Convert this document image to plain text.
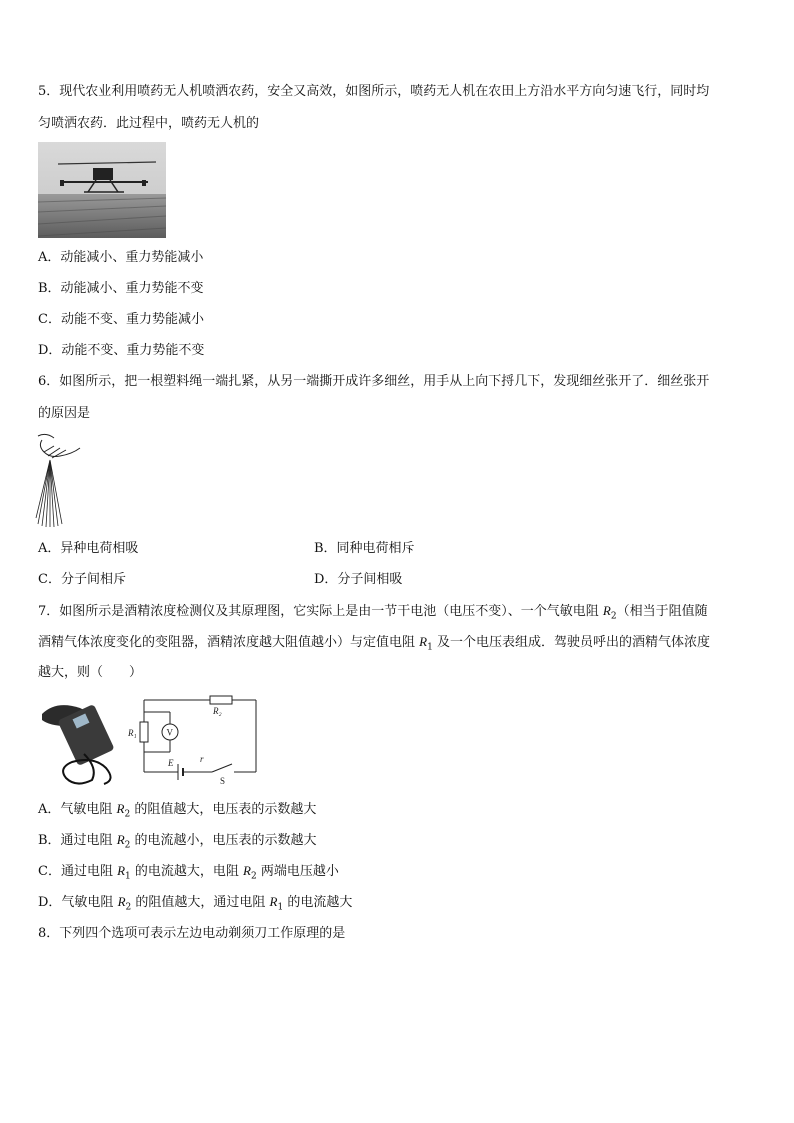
5．现代农业利用喷药无人机喷洒农药，安全又高效，如图所示，喷药无人机在农田上方沿水平方向匀速飞行，同时均
匀喷洒农药．此过程中，喷药无人机的
A．动能减小、重力势能减小
B．动能减小、重力势能不变
C．动能不变、重力势能减小
D．动能不变、重力势能不变
6．如图所示，把一根塑料绳一端扎紧，从另一端撕开成许多细丝，用手从上向下捋几下，发现细丝张开了．细丝张开
的原因是
A．异种电荷相吸	B．同种电荷相斥
C．分子间相斥	D．分子间相吸
7．如图所示是酒精浓度检测仪及其原理图，它实际上是由一节干电池（电压不变）、一个气敏电阻 $R_2$（相当于阻值随
酒精气体浓度变化的变阻器，酒精浓度越大阻值越小）与定值电阻 $R_1$ 及一个电压表组成．驾驶员呼出的酒精气体浓度
越大，则（　　）
R₂
R₁	V
E	r
S
A．气敏电阻 $R_2$ 的阻值越大，电压表的示数越大
B．通过电阻 $R_2$ 的电流越小，电压表的示数越大
C．通过电阻 $R_1$ 的电流越大，电阻 $R_2$ 两端电压越小
D．气敏电阻 $R_2$ 的阻值越大，通过电阻 $R_1$ 的电流越大
8．下列四个选项可表示左边电动剃须刀工作原理的是
